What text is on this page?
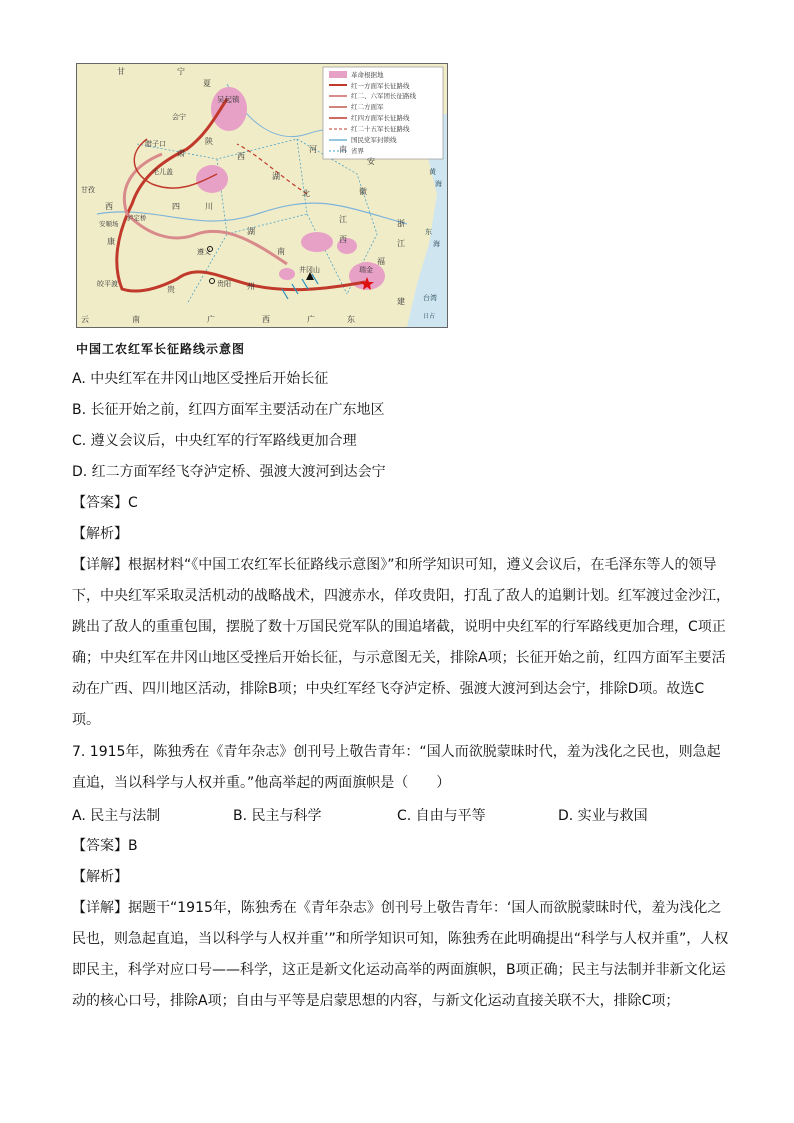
革命根据地
红一方面军长征路线
红二、六军团长征路线
红二方面军
红四方面军长征路线
红二十五军长征路线
国民党军封锁线
省界
甘	宁
夏
吴起镇
会宁
腊子口
肃
毛儿盖
甘孜
西
康
安顺场
泸定桥
四	川
遵义
贵阳
贵	州
皎平渡
云	南	广	西
井冈山	瑞金
福
建
广	东
河	南
陕
西
湖
北
安
徽
浙
江
湖
南
江
西
台湾
日占
黄
海
东
海
中国工农红军长征路线示意图
A. 中央红军在井冈山地区受挫后开始长征
B. 长征开始之前，红四方面军主要活动在广东地区
C. 遵义会议后，中央红军的行军路线更加合理
D. 红二方面军经飞夺泸定桥、强渡大渡河到达会宁
【答案】C
【解析】
【详解】根据材料“《中国工农红军长征路线示意图》”和所学知识可知，遵义会议后，在毛泽东等人的领导下，中央红军采取灵活机动的战略战术，四渡赤水，佯攻贵阳，打乱了敌人的追剿计划。红军渡过金沙江，跳出了敌人的重重包围，摆脱了数十万国民党军队的围追堵截，说明中央红军的行军路线更加合理，C项正确；中央红军在井冈山地区受挫后开始长征，与示意图无关，排除A项；长征开始之前，红四方面军主要活动在广西、四川地区活动，排除B项；中央红军经飞夺泸定桥、强渡大渡河到达会宁，排除D项。故选C项。
7. 1915年，陈独秀在《青年杂志》创刊号上敬告青年：“国人而欲脱蒙昧时代，羞为浅化之民也，则急起直追，当以科学与人权并重。”他高举起的两面旗帜是（　　）
A. 民主与法制	B. 民主与科学	C. 自由与平等	D. 实业与救国
【答案】B
【解析】
【详解】据题干“1915年，陈独秀在《青年杂志》创刊号上敬告青年：‘国人而欲脱蒙昧时代，羞为浅化之民也，则急起直追，当以科学与人权并重’”和所学知识可知，陈独秀在此明确提出“科学与人权并重”，人权即民主，科学对应口号——科学，这正是新文化运动高举的两面旗帜，B项正确；民主与法制并非新文化运动的核心口号，排除A项；自由与平等是启蒙思想的内容，与新文化运动直接关联不大，排除C项；
